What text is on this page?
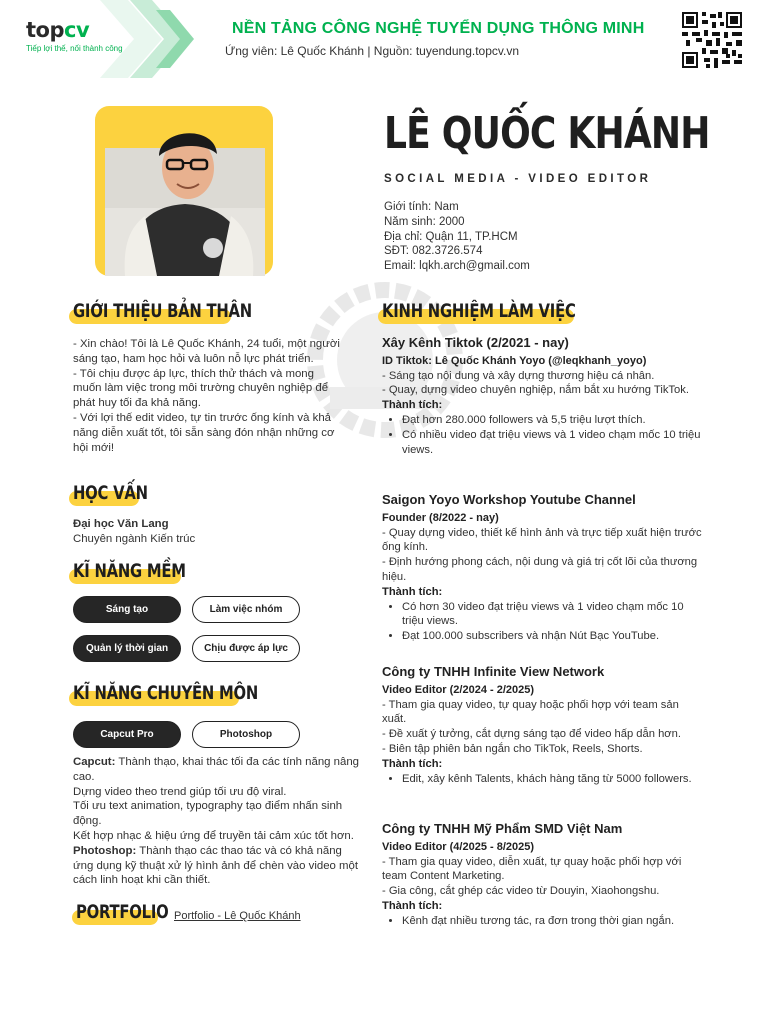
topcv
Tiếp lợi thế, nối thành công
NỀN TẢNG CÔNG NGHỆ TUYỂN DỤNG THÔNG MINH
Ứng viên: Lê Quốc Khánh | Nguồn: tuyendung.topcv.vn
LÊ QUỐC KHÁNH
SOCIAL MEDIA - VIDEO EDITOR
Giới tính: Nam
Năm sinh: 2000
Địa chỉ: Quận 11, TP.HCM
SĐT: 082.3726.574
Email: lqkh.arch@gmail.com
GIỚI THIỆU BẢN THÂN

- Xin chào! Tôi là Lê Quốc Khánh, 24 tuổi, một người sáng tạo, ham học hỏi và luôn nỗ lực phát triển.

- Tôi chịu được áp lực, thích thử thách và mong muốn làm việc trong môi trường chuyên nghiệp để phát huy tối đa khả năng.

- Với lợi thế edit video, tự tin trước ống kính và khả năng diễn xuất tốt, tôi sẵn sàng đón nhận những cơ hội mới!

HỌC VẤN

Đại học Văn Lang

Chuyên ngành Kiến trúc

KĨ NĂNG MỀM
Sáng tạo	Làm việc nhóm
Quản lý thời gian	Chịu được áp lực
KĨ NĂNG CHUYÊN MÔN
Capcut Pro	Photoshop

Capcut: Thành thạo, khai thác tối đa các tính năng nâng cao.

Dựng video theo trend giúp tối ưu độ viral.

Tối ưu text animation, typography tạo điểm nhấn sinh động.

Kết hợp nhạc & hiệu ứng để truyền tải cảm xúc tốt hơn.

Photoshop: Thành thạo các thao tác và có khả năng ứng dụng kỹ thuật xử lý hình ảnh để chèn vào video một cách linh hoạt khi cần thiết.

PORTFOLIO Portfolio - Lê Quốc Khánh
KINH NGHIỆM LÀM VIỆC
Xây Kênh Tiktok (2/2021 - nay)
ID Tiktok: Lê Quốc Khánh Yoyo (@leqkhanh_yoyo)
- Sáng tạo nội dung và xây dựng thương hiệu cá nhân.
- Quay, dựng video chuyên nghiệp, nắm bắt xu hướng TikTok.
Thành tích:
• Đạt hơn 280.000 followers và 5,5 triệu lượt thích.
• Có nhiều video đạt triệu views và 1 video chạm mốc 10 triệu views.
Saigon Yoyo Workshop Youtube Channel
Founder (8/2022 - nay)
- Quay dựng video, thiết kế hình ảnh và trực tiếp xuất hiện trước ống kính.
- Định hướng phong cách, nội dung và giá trị cốt lõi của thương hiệu.
Thành tích:
• Có hơn 30 video đạt triệu views và 1 video chạm mốc 10 triệu views.
• Đạt 100.000 subscribers và nhận Nút Bạc YouTube.
Công ty TNHH Infinite View Network
Video Editor (2/2024 - 2/2025)
- Tham gia quay video, tự quay hoặc phối hợp với team sản xuất.
- Đề xuất ý tưởng, cắt dựng sáng tạo để video hấp dẫn hơn.
- Biên tập phiên bản ngắn cho TikTok, Reels, Shorts.
Thành tích:
• Edit, xây kênh Talents, khách hàng tăng từ 5000 followers.
Công ty TNHH Mỹ Phẩm SMD Việt Nam
Video Editor (4/2025 - 8/2025)
- Tham gia quay video, diễn xuất, tự quay hoặc phối hợp với team Content Marketing.
- Gia công, cắt ghép các video từ Douyin, Xiaohongshu.
Thành tích:
• Kênh đạt nhiều tương tác, ra đơn trong thời gian ngắn.
